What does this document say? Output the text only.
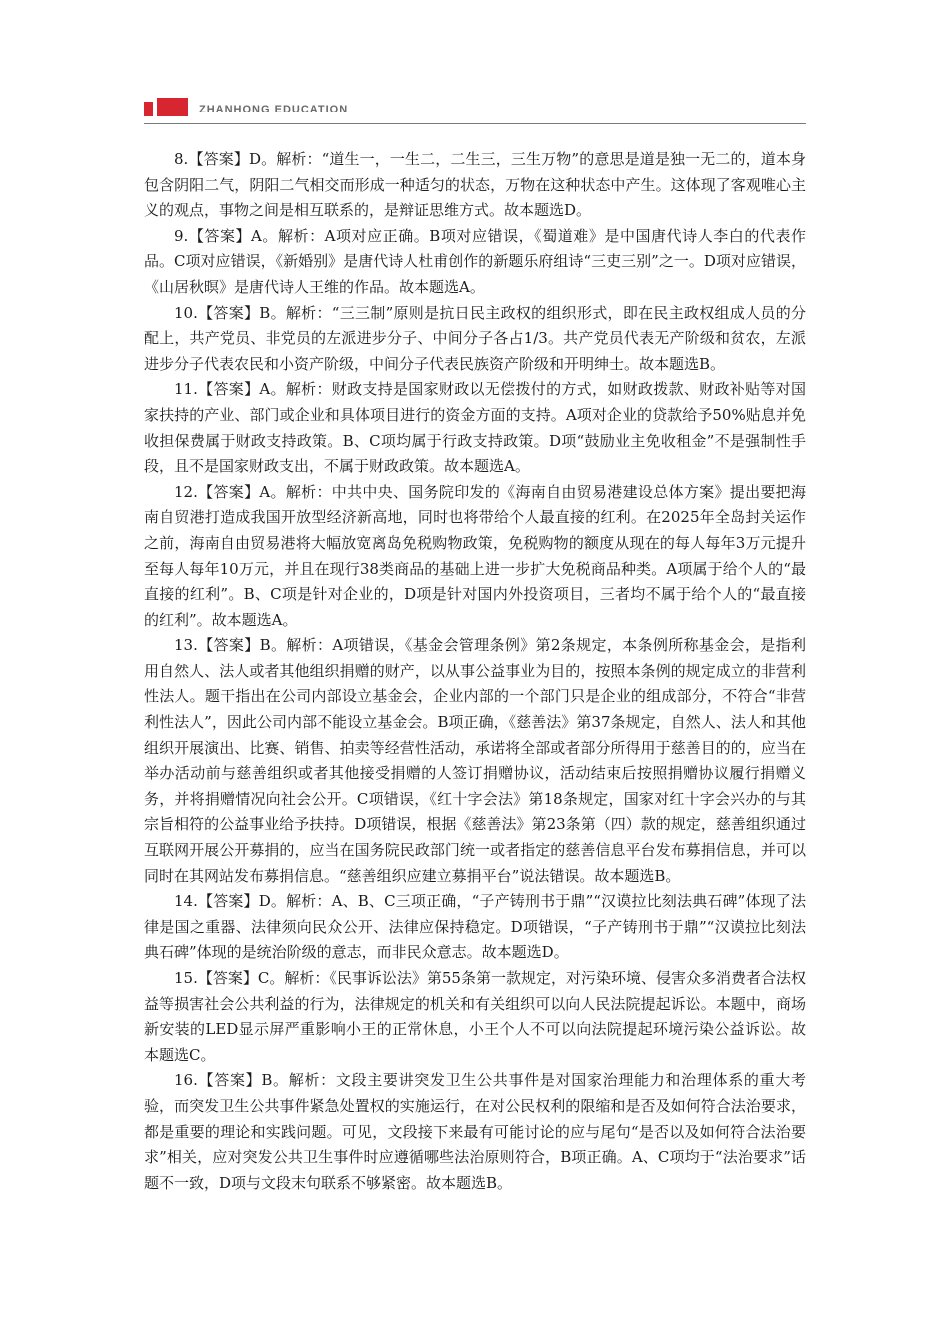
ZHANHONG EDUCATION

8.【答案】D。解析：“道生一，一生二，二生三，三生万物”的意思是道是独一无二的，道本身包含阴阳二气，阴阳二气相交而形成一种适匀的状态，万物在这种状态中产生。这体现了客观唯心主义的观点，事物之间是相互联系的，是辩证思维方式。故本题选D。

9.【答案】A。解析：A项对应正确。B项对应错误，《蜀道难》是中国唐代诗人李白的代表作品。C项对应错误，《新婚别》是唐代诗人杜甫创作的新题乐府组诗“三吏三别”之一。D项对应错误，《山居秋暝》是唐代诗人王维的作品。故本题选A。

10.【答案】B。解析：“三三制”原则是抗日民主政权的组织形式，即在民主政权组成人员的分配上，共产党员、非党员的左派进步分子、中间分子各占1/3。共产党员代表无产阶级和贫农，左派进步分子代表农民和小资产阶级，中间分子代表民族资产阶级和开明绅士。故本题选B。

11.【答案】A。解析：财政支持是国家财政以无偿拨付的方式，如财政拨款、财政补贴等对国家扶持的产业、部门或企业和具体项目进行的资金方面的支持。A项对企业的贷款给予50%贴息并免收担保费属于财政支持政策。B、C项均属于行政支持政策。D项“鼓励业主免收租金”不是强制性手段，且不是国家财政支出，不属于财政政策。故本题选A。

12.【答案】A。解析：中共中央、国务院印发的《海南自由贸易港建设总体方案》提出要把海南自贸港打造成我国开放型经济新高地，同时也将带给个人最直接的红利。在2025年全岛封关运作之前，海南自由贸易港将大幅放宽离岛免税购物政策，免税购物的额度从现在的每人每年3万元提升至每人每年10万元，并且在现行38类商品的基础上进一步扩大免税商品种类。A项属于给个人的“最直接的红利”。B、C项是针对企业的，D项是针对国内外投资项目，三者均不属于给个人的“最直接的红利”。故本题选A。

13.【答案】B。解析：A项错误，《基金会管理条例》第2条规定，本条例所称基金会，是指利用自然人、法人或者其他组织捐赠的财产，以从事公益事业为目的，按照本条例的规定成立的非营利性法人。题干指出在公司内部设立基金会，企业内部的一个部门只是企业的组成部分，不符合“非营利性法人”，因此公司内部不能设立基金会。B项正确，《慈善法》第37条规定，自然人、法人和其他组织开展演出、比赛、销售、拍卖等经营性活动，承诺将全部或者部分所得用于慈善目的的，应当在举办活动前与慈善组织或者其他接受捐赠的人签订捐赠协议，活动结束后按照捐赠协议履行捐赠义务，并将捐赠情况向社会公开。C项错误，《红十字会法》第18条规定，国家对红十字会兴办的与其宗旨相符的公益事业给予扶持。D项错误，根据《慈善法》第23条第（四）款的规定，慈善组织通过互联网开展公开募捐的，应当在国务院民政部门统一或者指定的慈善信息平台发布募捐信息，并可以同时在其网站发布募捐信息。“慈善组织应建立募捐平台”说法错误。故本题选B。

14.【答案】D。解析：A、B、C三项正确，“子产铸刑书于鼎”“汉谟拉比刻法典石碑”体现了法律是国之重器、法律须向民众公开、法律应保持稳定。D项错误，“子产铸刑书于鼎”“汉谟拉比刻法典石碑”体现的是统治阶级的意志，而非民众意志。故本题选D。

15.【答案】C。解析：《民事诉讼法》第55条第一款规定，对污染环境、侵害众多消费者合法权益等损害社会公共利益的行为，法律规定的机关和有关组织可以向人民法院提起诉讼。本题中，商场新安装的LED显示屏严重影响小王的正常休息，小王个人不可以向法院提起环境污染公益诉讼。故本题选C。

16.【答案】B。解析：文段主要讲突发卫生公共事件是对国家治理能力和治理体系的重大考验，而突发卫生公共事件紧急处置权的实施运行，在对公民权利的限缩和是否及如何符合法治要求，都是重要的理论和实践问题。可见，文段接下来最有可能讨论的应与尾句“是否以及如何符合法治要求”相关，应对突发公共卫生事件时应遵循哪些法治原则符合，B项正确。A、C项均于“法治要求”话题不一致，D项与文段末句联系不够紧密。故本题选B。
